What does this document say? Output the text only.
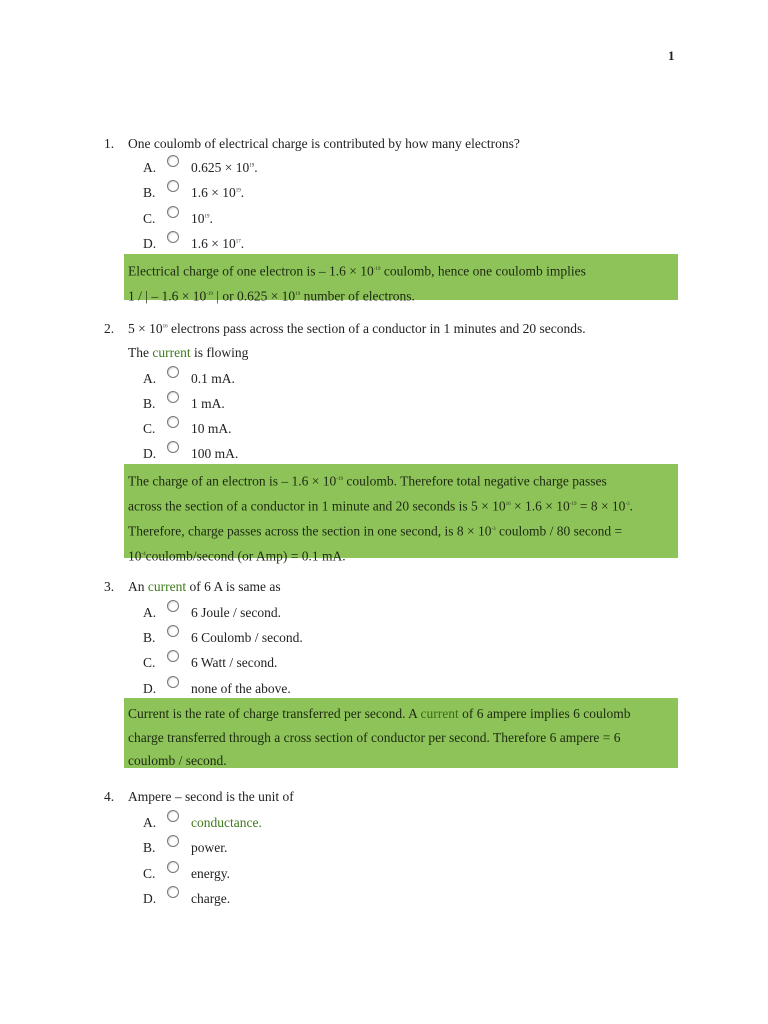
1
1.	One coulomb of electrical charge is contributed by how many electrons?
A.	$0.625 \times 10^{19}$.
B.	$1.6 \times 10^{19}$.
C.	$10^{19}$.
D.	$1.6 \times 10^{17}$.
Electrical charge of one electron is – $1.6 \times 10^{-19}$ coulomb, hence one coulomb implies
1 / | – $1.6 \times 10^{-19}$ | or $0.625 \times 10^{19}$ number of electrons.
2.	$5 \times 10^{16}$ electrons pass across the section of a conductor in 1 minutes and 20 seconds.
The current is flowing
A.	0.1 mA.
B.	1 mA.
C.	10 mA.
D.	100 mA.
The charge of an electron is – $1.6 \times 10^{-19}$ coulomb. Therefore total negative charge passes
across the section of a conductor in 1 minute and 20 seconds is $5 \times 10^{16} \times 1.6 \times 10^{-19} = 8 \times 10^{-3}$.
Therefore, charge passes across the section in one second, is $8 \times 10^{-3}$ coulomb / 80 second =
$10^{-4}coulomb$/second (or Amp) = 0.1 mA.
3.	An current of 6 A is same as
A.	6 Joule / second.
B.	6 Coulomb / second.
C.	6 Watt / second.
D.	none of the above.
Current is the rate of charge transferred per second. A current of 6 ampere implies 6 coulomb
charge transferred through a cross section of conductor per second. Therefore 6 ampere = 6
coulomb / second.
4.	Ampere – second is the unit of
A.	conductance.
B.	power.
C.	energy.
D.	charge.
